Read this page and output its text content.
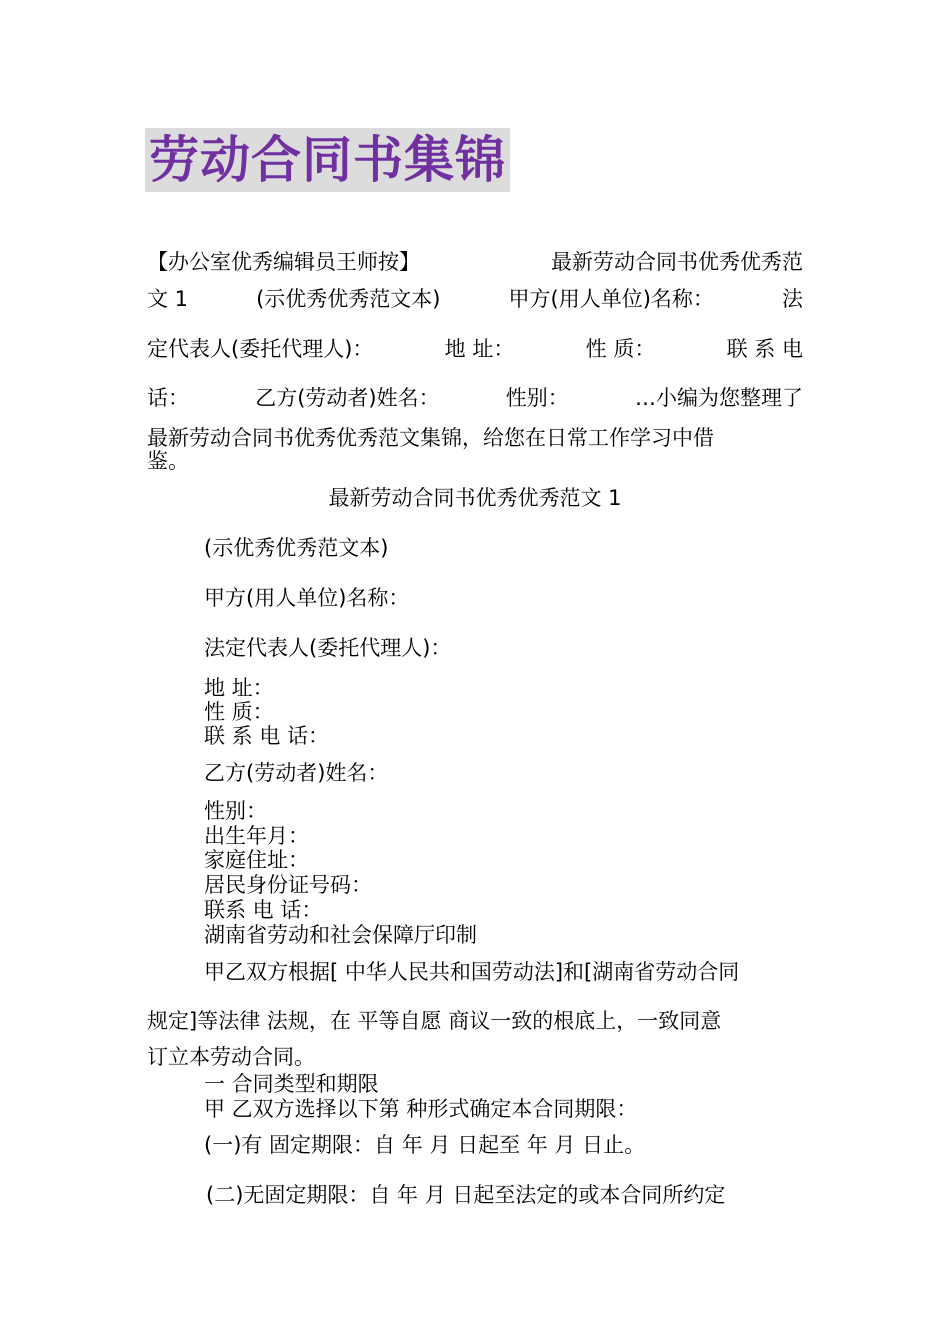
劳动合同书集锦
【办公室优秀编辑员王师按】	最新劳动合同书优秀优秀范
文 1	(示优秀优秀范文本)	甲方(用人单位)名称：	法
定代表人(委托代理人)：	地 址：	性 质：	联 系 电
话：	乙方(劳动者)姓名：	性别：	…小编为您整理了
最新劳动合同书优秀优秀范文集锦，给您在日常工作学习中借
鉴。
最新劳动合同书优秀优秀范文 1
(示优秀优秀范文本)
甲方(用人单位)名称：
法定代表人(委托代理人)：
地 址：
性 质：
联 系 电 话：
乙方(劳动者)姓名：
性别：
出生年月：
家庭住址：
居民身份证号码：
联系 电 话：
湖南省劳动和社会保障厅印制
甲乙双方根据[ 中华人民共和国劳动法]和[湖南省劳动合同
规定]等法律 法规，在 平等自愿 商议一致的根底上，一致同意
订立本劳动合同。
一 合同类型和期限
甲 乙双方选择以下第 种形式确定本合同期限：
(一)有 固定期限：自 年 月 日起至 年 月 日止。
(二)无固定期限：自 年 月 日起至法定的或本合同所约定
